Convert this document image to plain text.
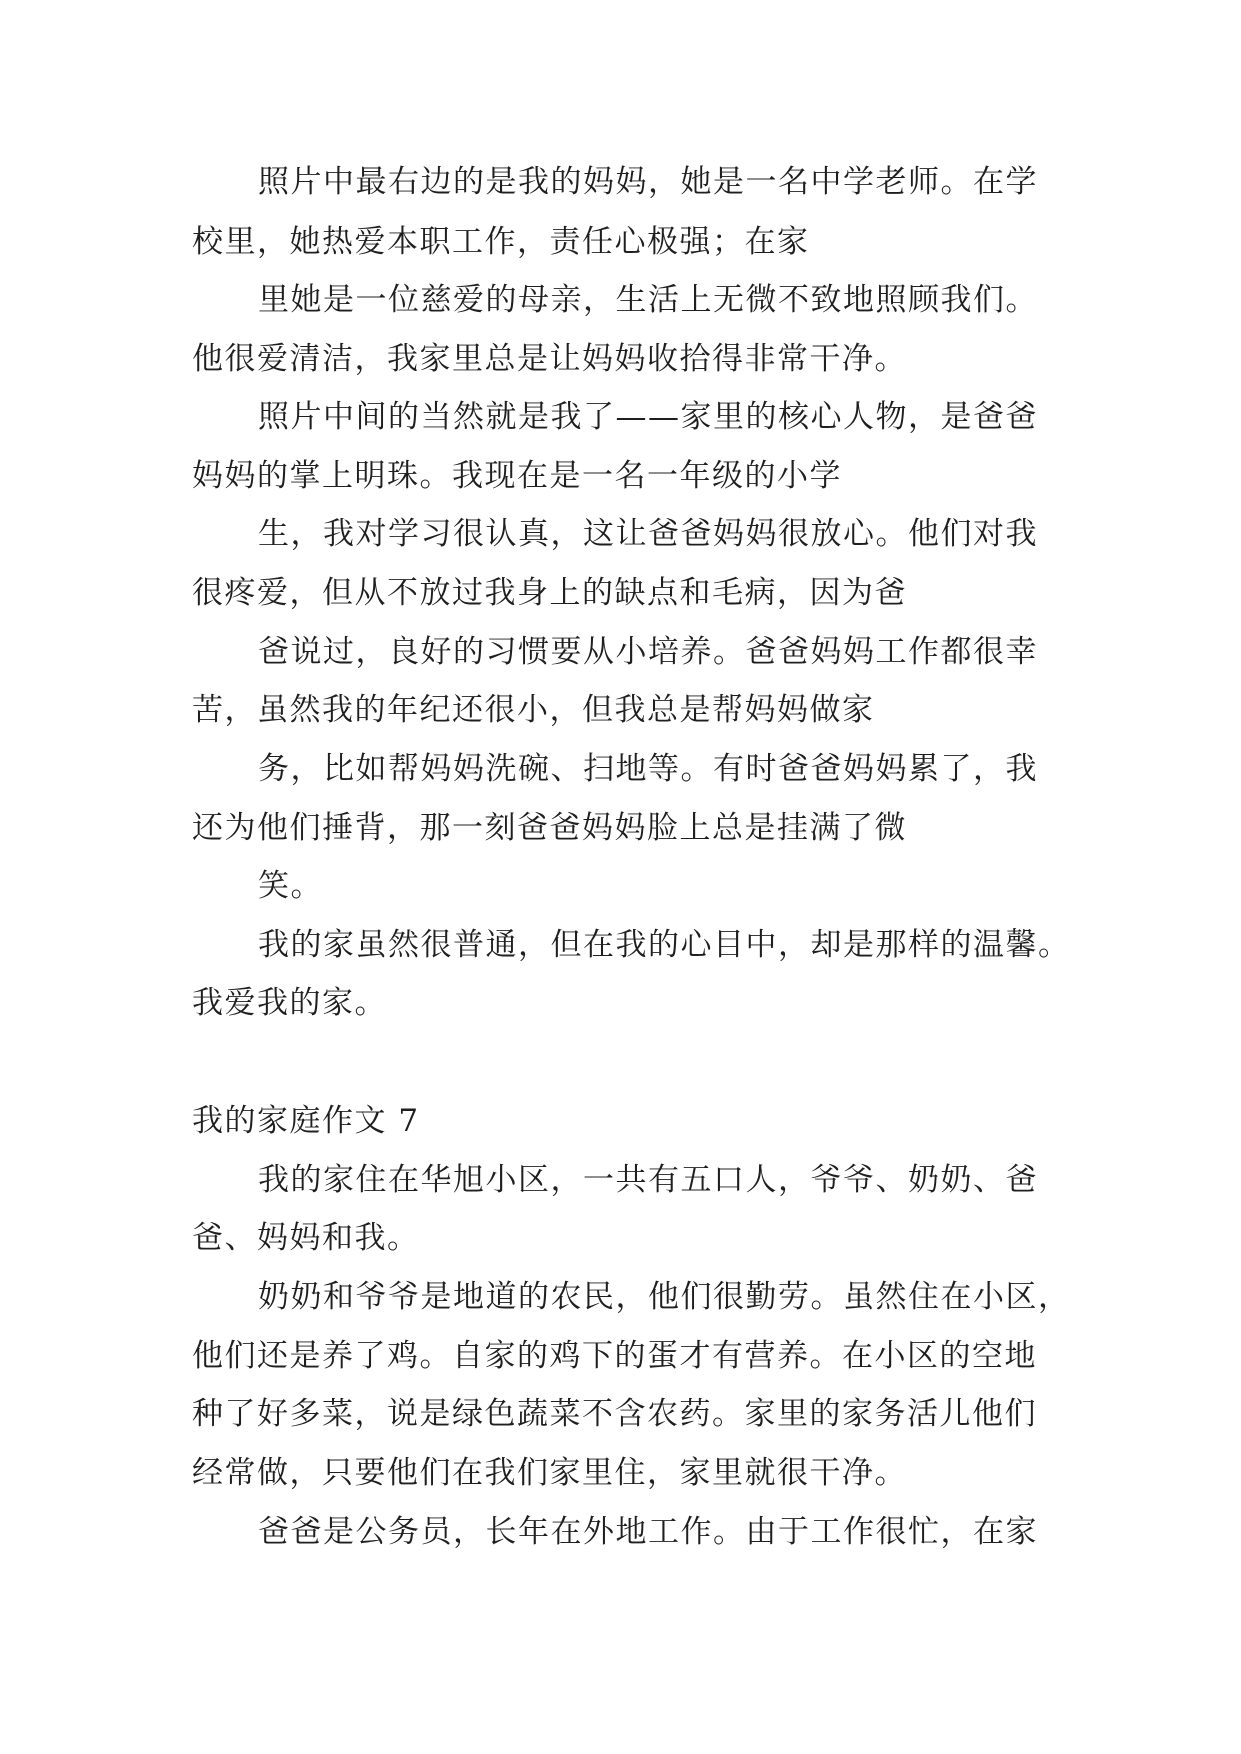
照片中最右边的是我的妈妈，她是一名中学老师。在学

校里，她热爱本职工作，责任心极强；在家

里她是一位慈爱的母亲，生活上无微不致地照顾我们。

他很爱清洁，我家里总是让妈妈收拾得非常干净。

照片中间的当然就是我了——家里的核心人物，是爸爸

妈妈的掌上明珠。我现在是一名一年级的小学

生，我对学习很认真，这让爸爸妈妈很放心。他们对我

很疼爱，但从不放过我身上的缺点和毛病，因为爸

爸说过，良好的习惯要从小培养。爸爸妈妈工作都很幸

苦，虽然我的年纪还很小，但我总是帮妈妈做家

务，比如帮妈妈洗碗、扫地等。有时爸爸妈妈累了，我

还为他们捶背，那一刻爸爸妈妈脸上总是挂满了微

笑。

我的家虽然很普通，但在我的心目中，却是那样的温馨。

我爱我的家。

我的家庭作文 7

我的家住在华旭小区，一共有五口人，爷爷、奶奶、爸

爸、妈妈和我。

奶奶和爷爷是地道的农民，他们很勤劳。虽然住在小区，

他们还是养了鸡。自家的鸡下的蛋才有营养。在小区的空地

种了好多菜，说是绿色蔬菜不含农药。家里的家务活儿他们

经常做，只要他们在我们家里住，家里就很干净。

爸爸是公务员，长年在外地工作。由于工作很忙，在家
